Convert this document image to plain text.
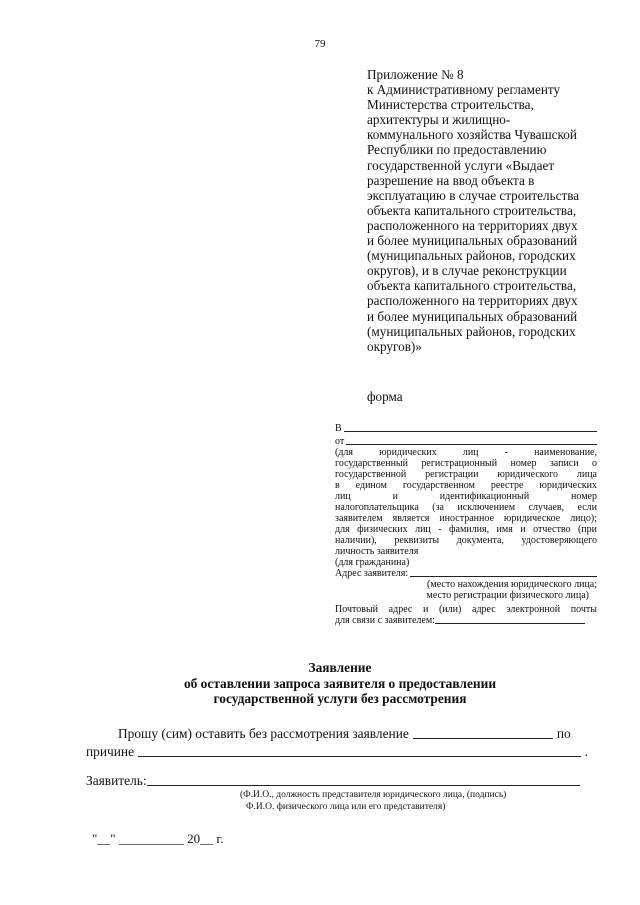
79
Приложение № 8
к Административному регламенту
Министерства строительства,
архитектуры и жилищно-
коммунального хозяйства Чувашской
Республики по предоставлению
государственной услуги «Выдает
разрешение на ввод объекта в
эксплуатацию в случае строительства
объекта капитального строительства,
расположенного на территориях двух
и более муниципальных образований
(муниципальных районов, городских
округов), и в случае реконструкции
объекта капитального строительства,
расположенного на территориях двух
и более муниципальных образований
(муниципальных районов, городских
округов)»
форма
В
от
(для юридических лиц - наименование,
государственный регистрационный номер записи о
государственной регистрации юридического лица
в едином государственном реестре юридических
лиц и идентификационный номер
налогоплательщика (за исключением случаев, если
заявителем является иностранное юридическое лицо);
для физических лиц - фамилия, имя и отчество (при
наличии), реквизиты документа, удостоверяющего
личность заявителя
(для гражданина)
Адрес заявителя:
(место нахождения юридического лица;
место регистрации физического лица)
Почтовый адрес и (или) адрес электронной почты
для связи с заявителем:
Заявление
об оставлении запроса заявителя о предоставлении
государственной услуги без рассмотрения
Прошу (сим) оставить без рассмотрения заявление	по
причине	.
Заявитель:
(Ф.И.О., должность представителя юридического лица, (подпись)
Ф.И.О. физического лица или его представителя)
"__" __________ 20__ г.
